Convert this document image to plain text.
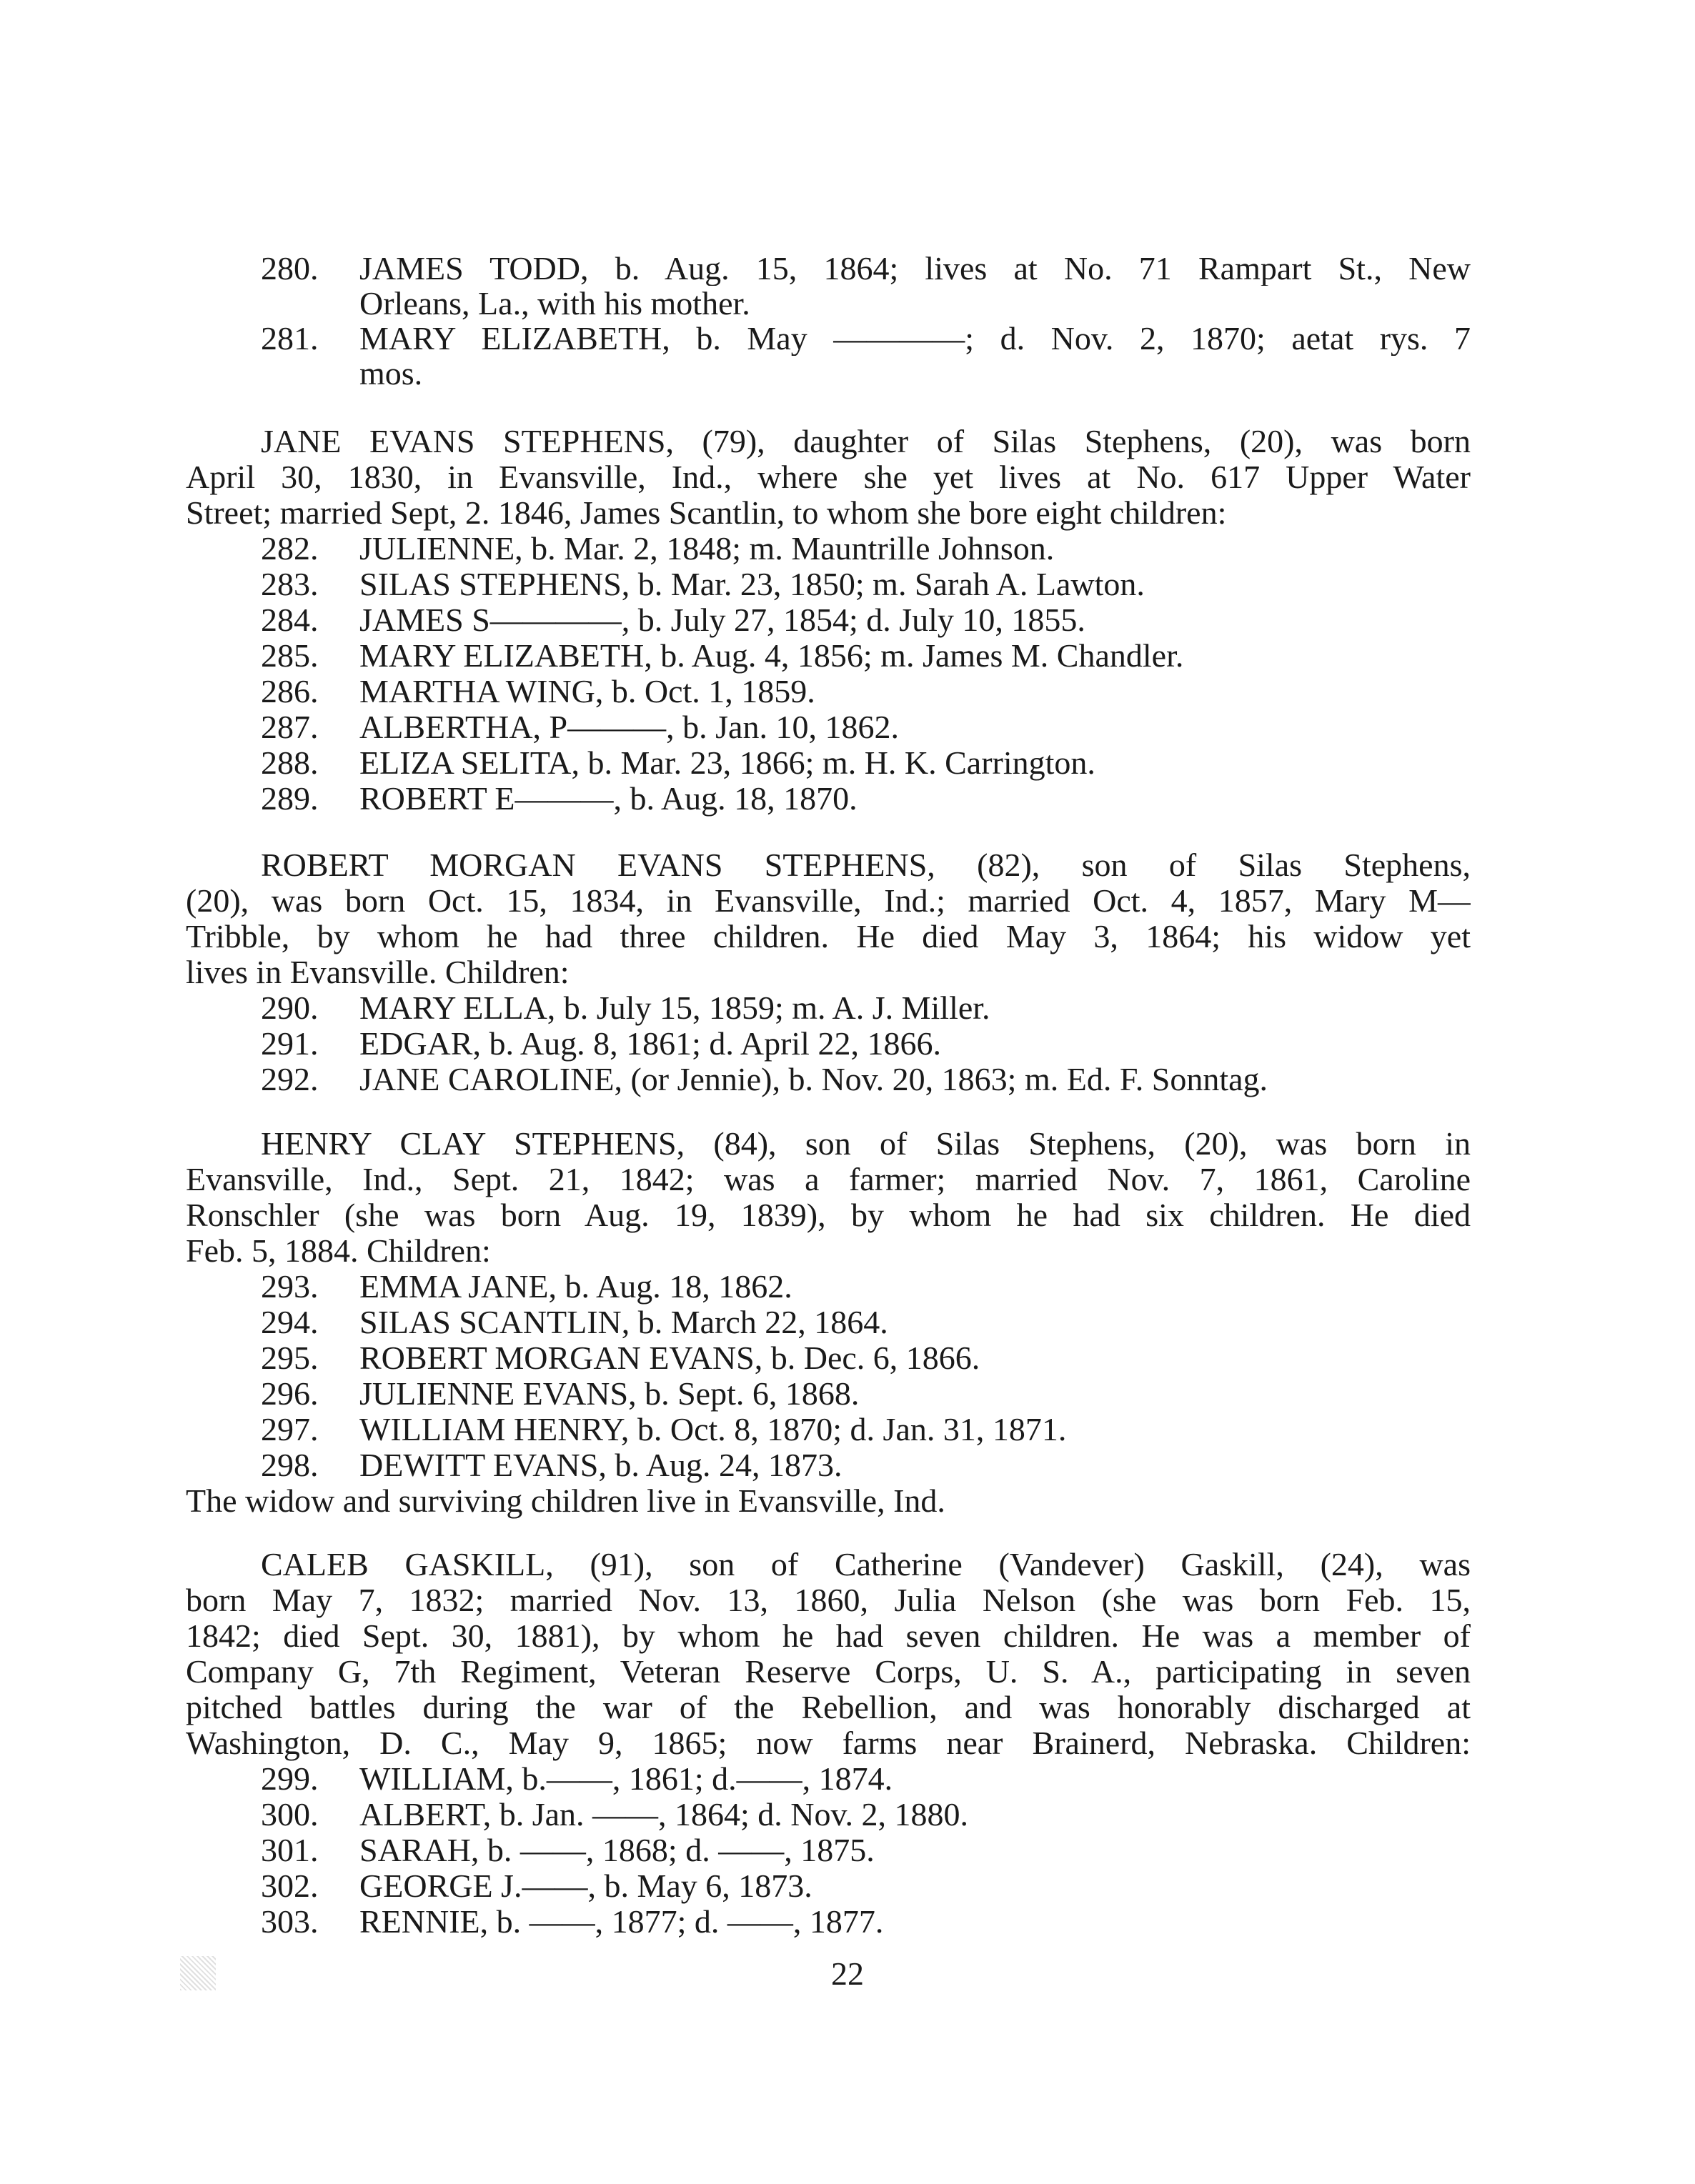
280. JAMES TODD, b. Aug. 15, 1864; lives at No. 71 Rampart St., New
Orleans, La., with his mother.
281. MARY ELIZABETH, b. May ————; d. Nov. 2, 1870; aetat rys. 7
mos.
JANE EVANS STEPHENS, (79), daughter of Silas Stephens, (20), was born
April 30, 1830, in Evansville, Ind., where she yet lives at No. 617 Upper Water
Street; married Sept, 2. 1846, James Scantlin, to whom she bore eight children:
282. JULIENNE, b. Mar. 2, 1848; m. Mauntrille Johnson.
283. SILAS STEPHENS, b. Mar. 23, 1850; m. Sarah A. Lawton.
284. JAMES S————, b. July 27, 1854; d. July 10, 1855.
285. MARY ELIZABETH, b. Aug. 4, 1856; m. James M. Chandler.
286. MARTHA WING, b. Oct. 1, 1859.
287. ALBERTHA, P———, b. Jan. 10, 1862.
288. ELIZA SELITA, b. Mar. 23, 1866; m. H. K. Carrington.
289. ROBERT E———, b. Aug. 18, 1870.
ROBERT MORGAN EVANS STEPHENS, (82), son of Silas Stephens,
(20), was born Oct. 15, 1834, in Evansville, Ind.; married Oct. 4, 1857, Mary M—
Tribble, by whom he had three children. He died May 3, 1864; his widow yet
lives in Evansville. Children:
290. MARY ELLA, b. July 15, 1859; m. A. J. Miller.
291. EDGAR, b. Aug. 8, 1861; d. April 22, 1866.
292. JANE CAROLINE, (or Jennie), b. Nov. 20, 1863; m. Ed. F. Sonntag.
HENRY CLAY STEPHENS, (84), son of Silas Stephens, (20), was born in
Evansville, Ind., Sept. 21, 1842; was a farmer; married Nov. 7, 1861, Caroline
Ronschler (she was born Aug. 19, 1839), by whom he had six children. He died
Feb. 5, 1884. Children:
293. EMMA JANE, b. Aug. 18, 1862.
294. SILAS SCANTLIN, b. March 22, 1864.
295. ROBERT MORGAN EVANS, b. Dec. 6, 1866.
296. JULIENNE EVANS, b. Sept. 6, 1868.
297. WILLIAM HENRY, b. Oct. 8, 1870; d. Jan. 31, 1871.
298. DEWITT EVANS, b. Aug. 24, 1873.
The widow and surviving children live in Evansville, Ind.
CALEB GASKILL, (91), son of Catherine (Vandever) Gaskill, (24), was
born May 7, 1832; married Nov. 13, 1860, Julia Nelson (she was born Feb. 15,
1842; died Sept. 30, 1881), by whom he had seven children. He was a member of
Company G, 7th Regiment, Veteran Reserve Corps, U. S. A., participating in seven
pitched battles during the war of the Rebellion, and was honorably discharged at
Washington, D. C., May 9, 1865; now farms near Brainerd, Nebraska. Children:
299. WILLIAM, b.——, 1861; d.——, 1874.
300. ALBERT, b. Jan. ——, 1864; d. Nov. 2, 1880.
301. SARAH, b. ——, 1868; d. ——, 1875.
302. GEORGE J.——, b. May 6, 1873.
303. RENNIE, b. ——, 1877; d. ——, 1877.
22
